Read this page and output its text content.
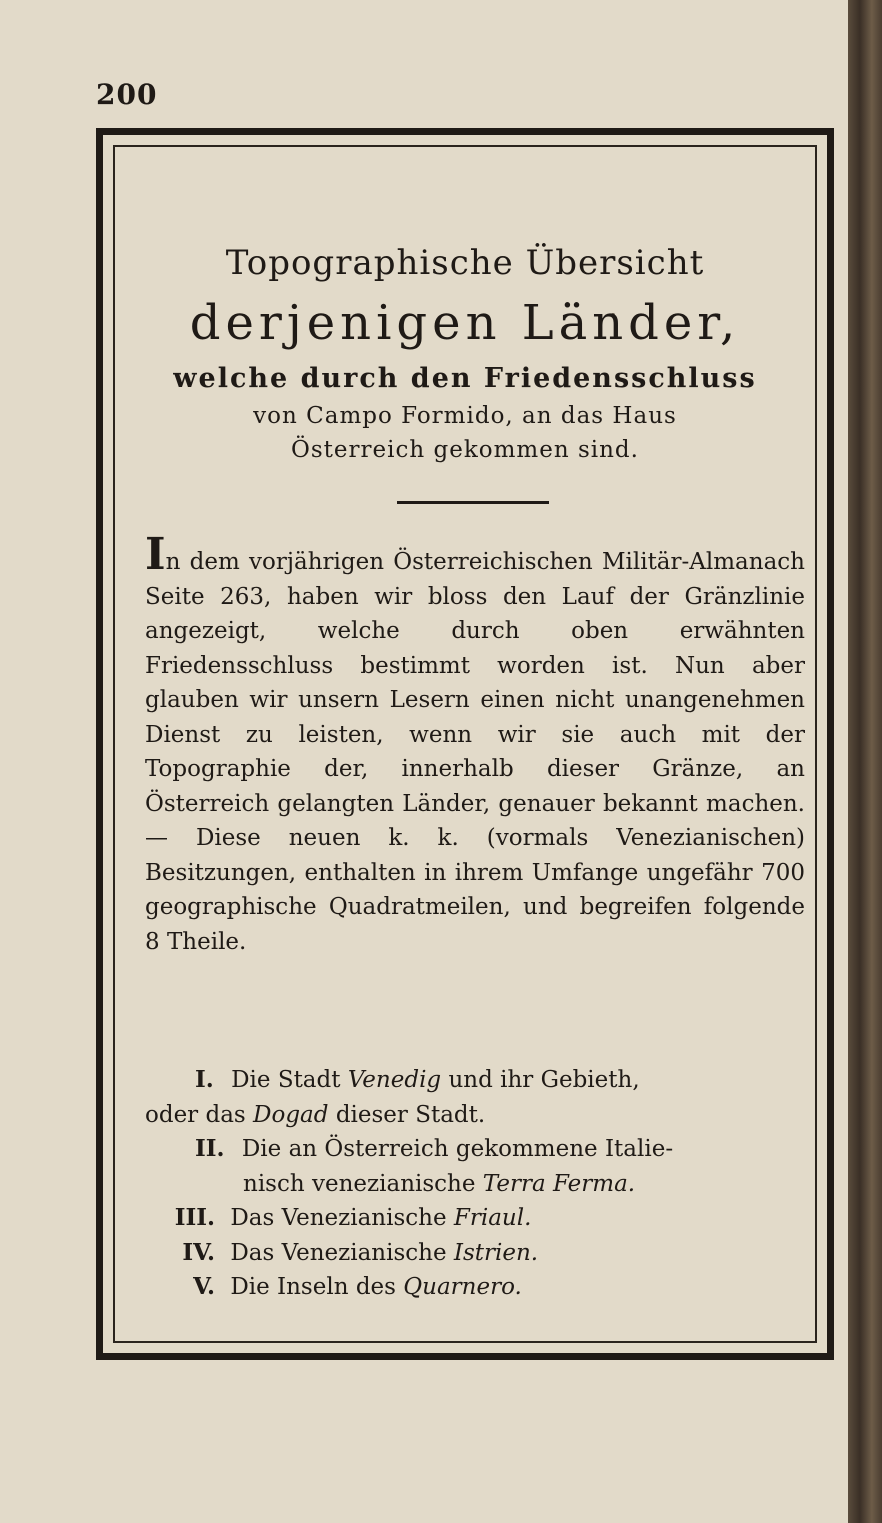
200
Topographische Übersicht
derjenigen Länder,
welche durch den Friedensschluss
von Campo Formido, an das Haus
Österreich gekommen sind.
In dem vorjährigen Österreichischen Militär-Almanach Seite 263, haben wir bloss den Lauf der Gränzlinie angezeigt, welche durch oben erwähnten Friedensschluss bestimmt worden ist. Nun aber glauben wir unsern Lesern einen nicht unangenehmen Dienst zu leisten, wenn wir sie auch mit der Topographie der, innerhalb dieser Gränze, an Österreich gelangten Länder, genauer bekannt machen. — Diese neuen k. k. (vormals Venezianischen) Besitzungen, enthalten in ihrem Umfange ungefähr 700 geographische Quadratmeilen, und begreifen folgende 8 Theile.
I. Die Stadt Venedig und ihr Gebieth,
oder das Dogad dieser Stadt.
II. Die an Österreich gekommene Italie-
nisch venezianische Terra Ferma.
III. Das Venezianische Friaul.
IV. Das Venezianische Istrien.
V. Die Inseln des Quarnero.
